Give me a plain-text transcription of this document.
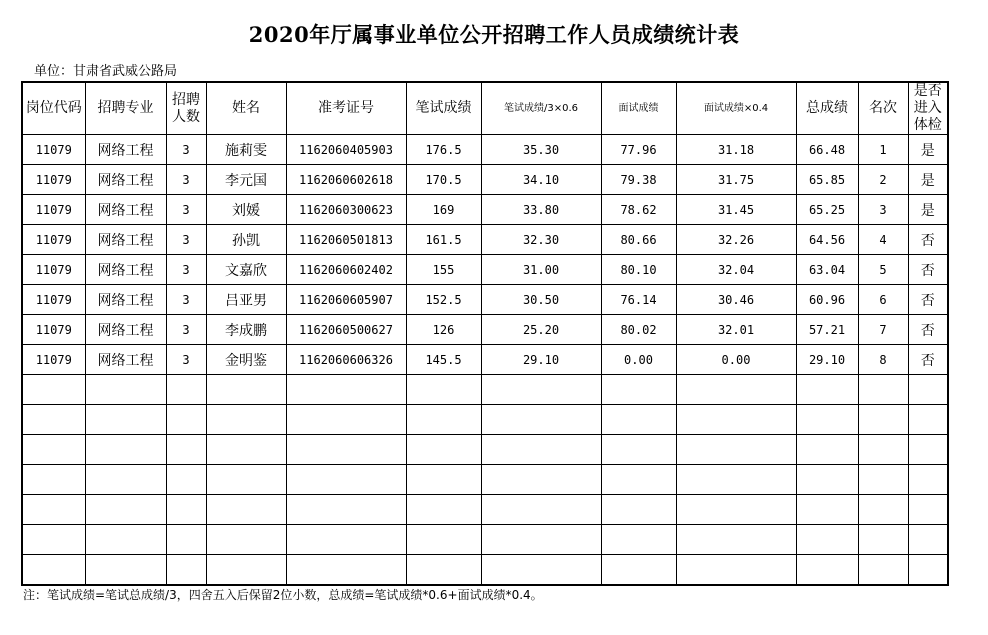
2020年厅属事业单位公开招聘工作人员成绩统计表
单位：甘肃省武威公路局
岗位代码	招聘专业	招聘人数	姓名	准考证号	笔试成绩	笔试成绩/3×0.6	面试成绩	面试成绩×0.4	总成绩	名次	是否进入体检
11079	网络工程	3	施莉雯	1162060405903	176.5	35.30	77.96	31.18	66.48	1	是
11079	网络工程	3	李元国	1162060602618	170.5	34.10	79.38	31.75	65.85	2	是
11079	网络工程	3	刘媛	1162060300623	169	33.80	78.62	31.45	65.25	3	是
11079	网络工程	3	孙凯	1162060501813	161.5	32.30	80.66	32.26	64.56	4	否
11079	网络工程	3	文嘉欣	1162060602402	155	31.00	80.10	32.04	63.04	5	否
11079	网络工程	3	吕亚男	1162060605907	152.5	30.50	76.14	30.46	60.96	6	否
11079	网络工程	3	李成鹏	1162060500627	126	25.20	80.02	32.01	57.21	7	否
11079	网络工程	3	金明鉴	1162060606326	145.5	29.10	0.00	0.00	29.10	8	否

注：笔试成绩=笔试总成绩/3，四舍五入后保留2位小数，总成绩=笔试成绩*0.6+面试成绩*0.4。
